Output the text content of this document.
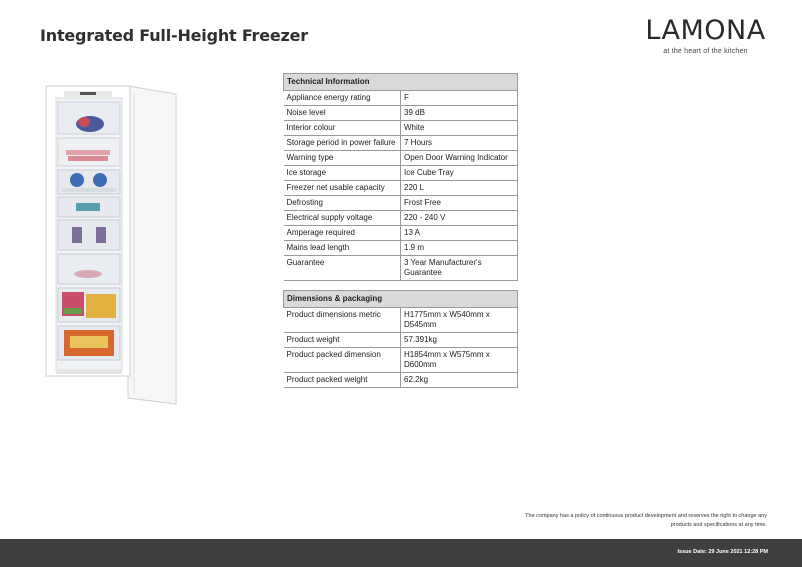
Integrated Full-Height Freezer	LAMONA
at the heart of the kitchen
Technical Information	
Appliance energy rating	F
Noise level	39 dB
Interior colour	White
Storage period in power failure	7 Hours
Warning type	Open Door Warning Indicator
Ice storage	Ice Cube Tray
Freezer net usable capacity	220 L
Defrosting	Frost Free
Electrical supply voltage	220 - 240 V
Amperage required	13 A
Mains lead length	1.9 m
Guarantee	3 Year Manufacturer's Guarantee
Dimensions & packaging	
Product dimensions metric	H1775mm x W540mm x D545mm
Product weight	57.391kg
Product packed dimension	H1854mm x W575mm x D600mm
Product packed weight	62.2kg

The company has a policy of continuous product development and reserves the right to change any products and specifications at any time.

Issue Date: 29 June 2021 12:28 PM
